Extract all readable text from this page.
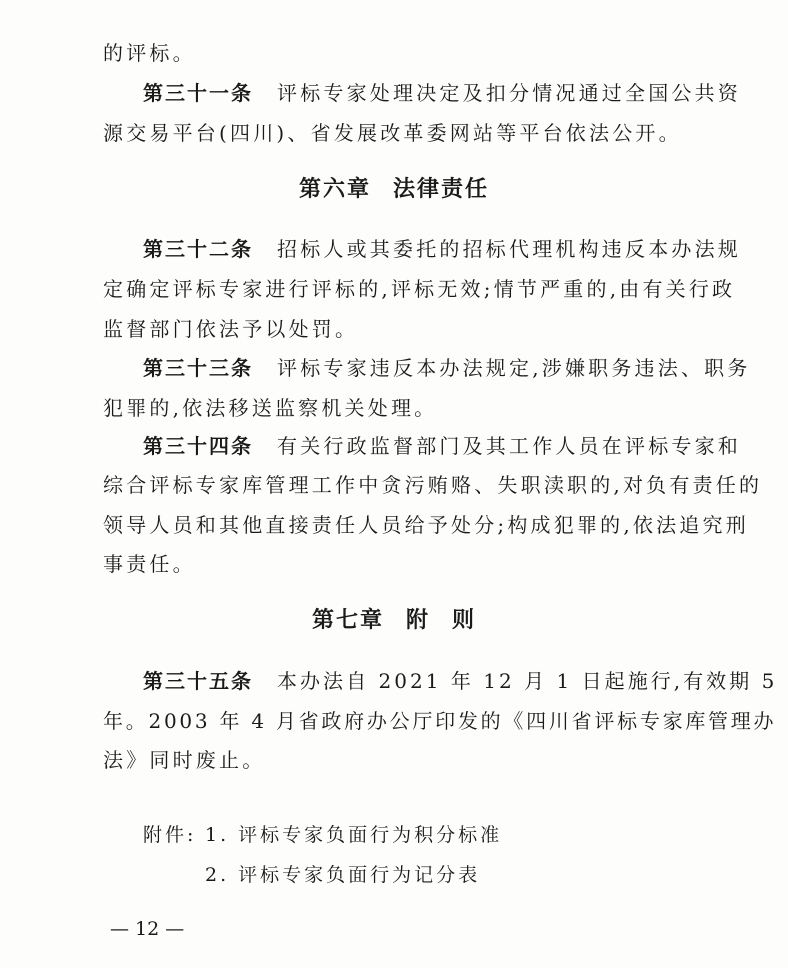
的评标。
第三十一条 评标专家处理决定及扣分情况通过全国公共资
源交易平台(四川)、省发展改革委网站等平台依法公开。
第六章 法律责任
第三十二条 招标人或其委托的招标代理机构违反本办法规
定确定评标专家进行评标的,评标无效;情节严重的,由有关行政
监督部门依法予以处罚。
第三十三条 评标专家违反本办法规定,涉嫌职务违法、职务
犯罪的,依法移送监察机关处理。
第三十四条 有关行政监督部门及其工作人员在评标专家和
综合评标专家库管理工作中贪污贿赂、失职渎职的,对负有责任的
领导人员和其他直接责任人员给予处分;构成犯罪的,依法追究刑
事责任。
第七章 附 则
第三十五条 本办法自 2021 年 12 月 1 日起施行,有效期 5
年。2003 年 4 月省政府办公厅印发的《四川省评标专家库管理办
法》同时废止。
附件: 1. 评标专家负面行为积分标准
2. 评标专家负面行为记分表
— 12 —
